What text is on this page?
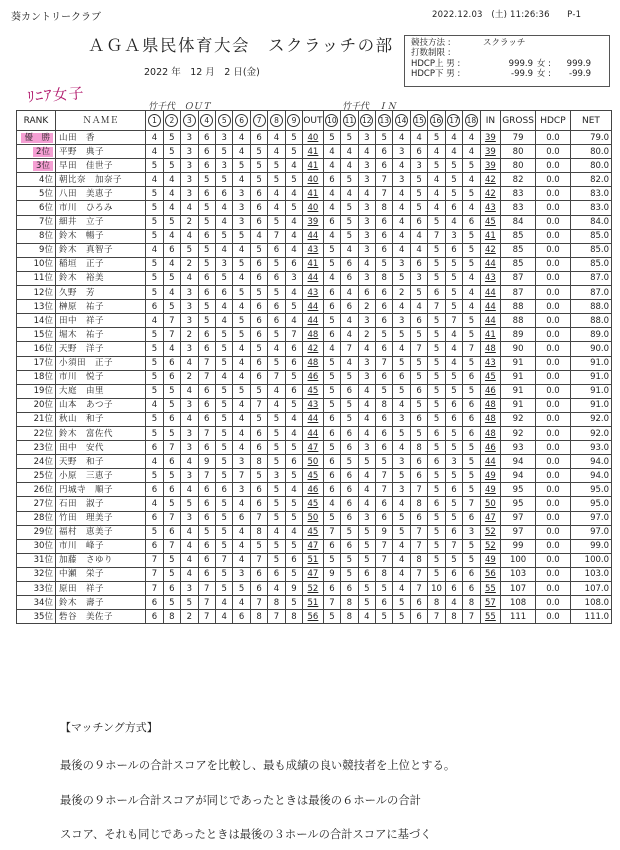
葵カントリークラブ	2022.12.03　(土) 11:26:36　　P-1
ＡＧＡ県民体育大会　スクラッチの部
2022 年　12 月　2 日(金)
競技方法 :	スクラッチ
打数制限 :
HDCP上 男 :	999.9 女 :	999.9
HDCP下 男 :	-99.9 女 :	-99.9
ﾘﾆｱ女子
竹千代　ＯＵＴ	竹千代　ＩＮ
RANK	ＮＡＭＥ	1	2	3	4	5	6	7	8	9	OUT	10	11	12	13	14	15	16	17	18	IN	GROSS	HDCP	NET
優　勝	山田　香	4	5	3	6	3	4	6	4	5	40	5	5	3	5	4	4	5	4	4	39	79	0.0	79.0
2位	平野　典子	4	5	3	6	5	4	5	4	5	41	4	4	4	6	3	6	4	4	4	39	80	0.0	80.0
3位	早田　佳世子	5	5	3	6	3	5	5	5	4	41	4	4	3	6	4	3	5	5	5	39	80	0.0	80.0
4位	朝比奈　加奈子	4	4	3	5	5	4	5	5	5	40	6	5	3	7	3	5	4	5	4	42	82	0.0	82.0
5位	八田　美恵子	5	4	3	6	6	3	6	4	4	41	4	4	4	7	4	5	4	5	5	42	83	0.0	83.0
6位	市川　ひろみ	5	4	4	5	4	3	6	4	5	40	4	5	3	8	4	5	4	6	4	43	83	0.0	83.0
7位	細井　立子	5	5	2	5	4	3	6	5	4	39	6	5	3	6	4	6	5	4	6	45	84	0.0	84.0
8位	鈴木　暢子	5	4	4	6	5	5	4	7	4	44	4	5	3	6	4	4	7	3	5	41	85	0.0	85.0
9位	鈴木　真智子	4	6	5	5	4	4	5	6	4	43	5	4	3	6	4	4	5	6	5	42	85	0.0	85.0
10位	稲垣　正子	5	4	2	5	3	5	6	5	6	41	5	6	4	5	3	6	5	5	5	44	85	0.0	85.0
11位	鈴木　裕美	5	5	4	6	5	4	6	6	3	44	4	6	3	8	5	3	5	5	4	43	87	0.0	87.0
12位	久野　芳	5	4	3	6	6	5	5	5	4	43	6	4	6	6	2	5	6	5	4	44	87	0.0	87.0
13位	榊原　祐子	6	5	3	5	4	4	6	6	5	44	6	6	2	6	4	4	7	5	4	44	88	0.0	88.0
14位	田中　祥子	4	7	3	5	4	5	6	6	4	44	5	4	3	6	3	6	5	7	5	44	88	0.0	88.0
15位	堀木　祐子	5	7	2	6	5	5	6	5	7	48	6	4	2	5	5	5	5	4	5	41	89	0.0	89.0
16位	天野　洋子	5	4	3	6	5	4	5	4	6	42	4	7	4	6	4	7	5	4	7	48	90	0.0	90.0
17位	小須田　正子	5	6	4	7	5	4	6	5	6	48	5	4	3	7	5	5	5	4	5	43	91	0.0	91.0
18位	市川　悦子	5	6	2	7	4	4	6	7	5	46	5	5	3	6	6	5	5	5	6	45	91	0.0	91.0
19位	大庭　由里	5	5	4	6	5	5	5	4	6	45	5	6	4	5	5	6	5	5	5	46	91	0.0	91.0
20位	山本　あつ子	4	5	3	6	5	4	7	4	5	43	5	5	4	8	4	5	5	6	6	48	91	0.0	91.0
21位	秋山　和子	5	6	4	6	5	4	5	5	4	44	6	5	4	6	3	6	5	6	6	48	92	0.0	92.0
22位	鈴木　富佐代	5	5	3	7	5	4	6	5	4	44	6	6	4	6	5	5	6	5	6	48	92	0.0	92.0
23位	田中　安代	6	7	3	6	5	4	6	5	5	47	5	6	3	6	4	8	5	5	5	46	93	0.0	93.0
24位	天野　和子	4	6	4	9	5	3	8	5	6	50	6	5	5	5	3	6	6	3	5	44	94	0.0	94.0
25位	小原　三恵子	5	5	3	7	5	7	5	3	5	45	6	6	4	7	5	6	5	5	5	49	94	0.0	94.0
26位	円城寺　順子	6	6	4	6	6	3	6	5	4	46	6	6	4	7	3	7	5	6	5	49	95	0.0	95.0
27位	石田　淑子	4	5	5	6	5	4	6	5	5	45	4	6	4	6	4	8	6	5	7	50	95	0.0	95.0
28位	竹田　理美子	6	7	3	6	5	6	7	5	5	50	5	6	3	6	5	6	5	5	6	47	97	0.0	97.0
29位	福村　恵美子	5	6	4	5	5	4	8	4	4	45	7	5	5	9	5	7	5	6	3	52	97	0.0	97.0
30位	市川　峰子	6	7	4	6	5	4	5	5	5	47	6	6	5	7	4	7	5	7	5	52	99	0.0	99.0
31位	加藤　さゆり	7	5	4	6	7	4	7	5	6	51	5	5	5	7	4	8	5	5	5	49	100	0.0	100.0
32位	中瀬　栄子	7	5	4	6	5	3	6	6	5	47	9	5	6	8	4	7	5	6	6	56	103	0.0	103.0
33位	原田　祥子	7	6	3	7	5	5	6	4	9	52	6	6	5	5	4	7	10	6	6	55	107	0.0	107.0
34位	鈴木　壽子	6	5	5	7	4	4	7	8	5	51	7	8	5	6	5	6	8	4	8	57	108	0.0	108.0
35位	砦谷　美佐子	6	8	2	7	4	6	8	7	8	56	5	8	4	5	5	6	7	8	7	55	111	0.0	111.0
【マッチング方式】
最後の９ホールの合計スコアを比較し、最も成績の良い競技者を上位とする。
最後の９ホール合計スコアが同じであったときは最後の６ホールの合計
スコア、それも同じであったときは最後の３ホールの合計スコアに基づく
